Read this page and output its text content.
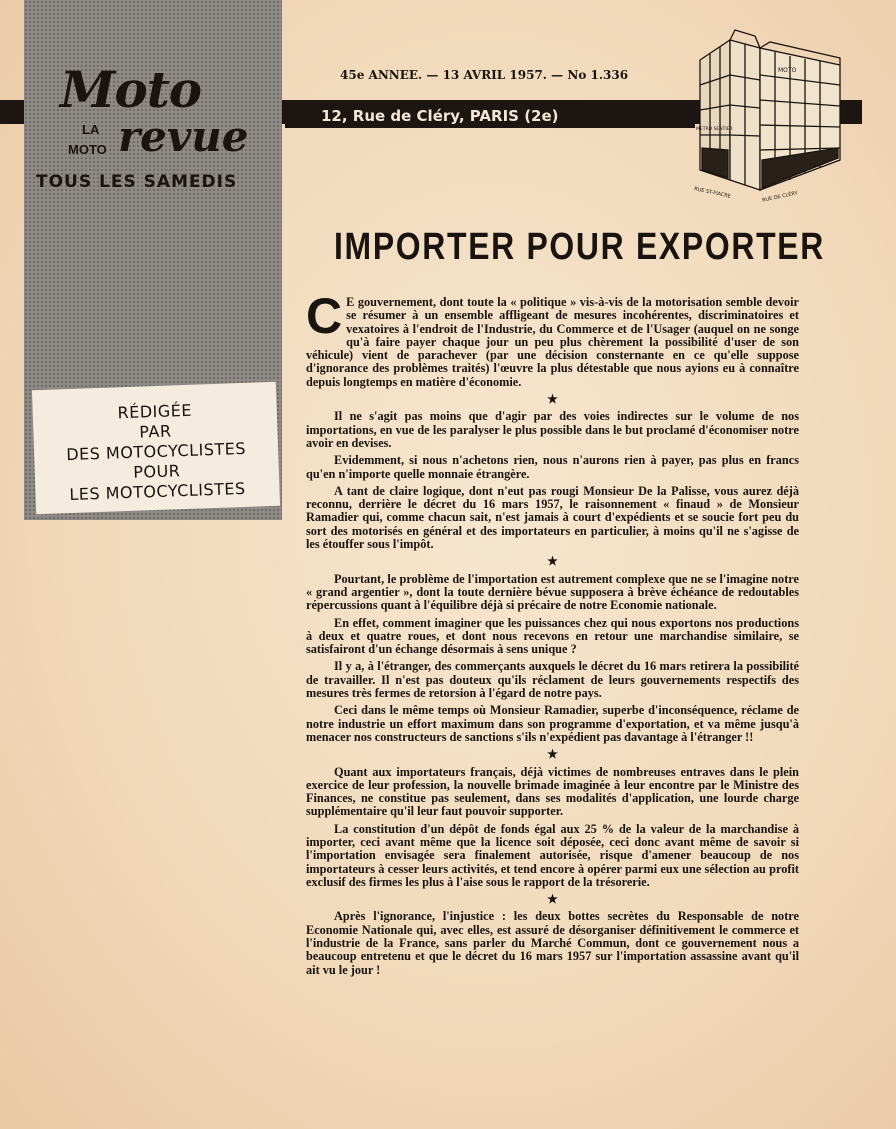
Moto
LA
MOTO revue
TOUS LES SAMEDIS
RÉDIGÉE
PAR
DES MOTOCYCLISTES
POUR
LES MOTOCYCLISTES
45e ANNEE. — 13 AVRIL 1957. — No 1.336
12, Rue de Cléry, PARIS (2e)
MOTO
METRO SENTIER
RUE DE CLÉRY
RUE ST-FIACRE
IMPORTER POUR EXPORTER

C E gouvernement, dont toute la « politique » vis-à-vis de la motorisation semble devoir se résumer à un ensemble affligeant de mesures incohérentes, discriminatoires et vexatoires à l'endroit de l'Industrie, du Commerce et de l'Usager (auquel on ne songe qu'à faire payer chaque jour un peu plus chèrement la possibilité d'user de son véhicule) vient de parachever (par une décision consternante en ce qu'elle suppose d'ignorance des problèmes traités) l'œuvre la plus détestable que nous ayions eu à connaître depuis longtemps en matière d'économie.

★

Il ne s'agit pas moins que d'agir par des voies indirectes sur le volume de nos importations, en vue de les paralyser le plus possible dans le but proclamé d'économiser notre avoir en devises.

Evidemment, si nous n'achetons rien, nous n'aurons rien à payer, pas plus en francs qu'en n'importe quelle monnaie étrangère.

A tant de claire logique, dont n'eut pas rougi Monsieur De la Palisse, vous aurez déjà reconnu, derrière le décret du 16 mars 1957, le raisonnement « finaud » de Monsieur Ramadier qui, comme chacun sait, n'est jamais à court d'expédients et se soucie fort peu du sort des motorisés en général et des importateurs en particulier, à moins qu'il ne s'agisse de les étouffer sous l'impôt.

★

Pourtant, le problème de l'importation est autrement complexe que ne se l'imagine notre « grand argentier », dont la toute dernière bévue supposera à brève échéance de redoutables répercussions quant à l'équilibre déjà si précaire de notre Economie nationale.

En effet, comment imaginer que les puissances chez qui nous exportons nos productions à deux et quatre roues, et dont nous recevons en retour une marchandise similaire, se satisfairont d'un échange désormais à sens unique ?

Il y a, à l'étranger, des commerçants auxquels le décret du 16 mars retirera la possibilité de travailler. Il n'est pas douteux qu'ils réclament de leurs gouvernements respectifs des mesures très fermes de retorsion à l'égard de notre pays.

Ceci dans le même temps où Monsieur Ramadier, superbe d'inconséquence, réclame de notre industrie un effort maximum dans son programme d'exportation, et va même jusqu'à menacer nos constructeurs de sanctions s'ils n'expédient pas davantage à l'étranger !!

★

Quant aux importateurs français, déjà victimes de nombreuses entraves dans le plein exercice de leur profession, la nouvelle brimade imaginée à leur encontre par le Ministre des Finances, ne constitue pas seulement, dans ses modalités d'application, une lourde charge supplémentaire qu'il leur faut pouvoir supporter.

La constitution d'un dépôt de fonds égal aux 25 % de la valeur de la marchandise à importer, ceci avant même que la licence soit déposée, ceci donc avant même de savoir si l'importation envisagée sera finalement autorisée, risque d'amener beaucoup de nos importateurs à cesser leurs activités, et tend encore à opérer parmi eux une sélection au profit exclusif des firmes les plus à l'aise sous le rapport de la trésorerie.

★

Après l'ignorance, l'injustice : les deux bottes secrètes du Responsable de notre Economie Nationale qui, avec elles, est assuré de désorganiser définitivement le commerce et l'industrie de la France, sans parler du Marché Commun, dont ce gouvernement nous a beaucoup entretenu et que le décret du 16 mars 1957 sur l'importation assassine avant qu'il ait vu le jour !
